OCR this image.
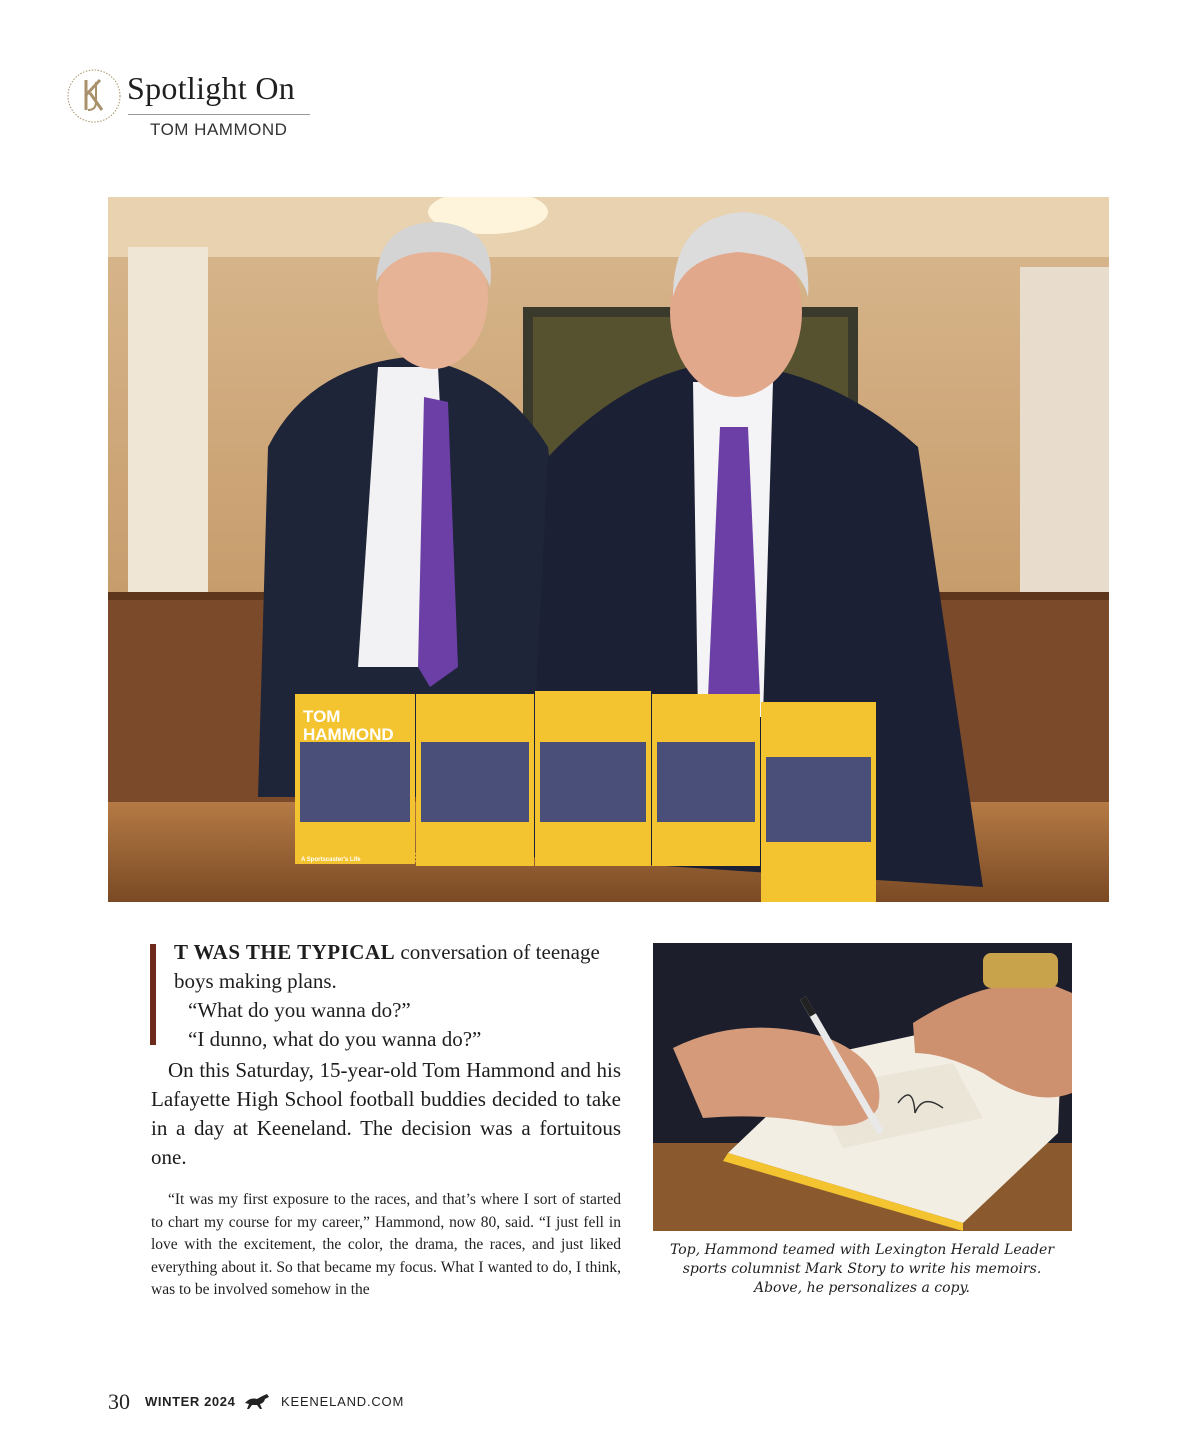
Spotlight On
TOM HAMMOND
TOM
HAMMOND
RACES, GAMES,
AND OLYMPIC
DREAMS
A Sportscaster's Life
T WAS THE TYPICAL conversation of teenage
boys making plans.
“What do you wanna do?”
“I dunno, what do you wanna do?”
On this Saturday, 15-year-old Tom Hammond and his Lafayette High School football buddies decided to take in a day at Keeneland. The decision was a fortuitous one.
“It was my first exposure to the races, and that’s where I sort of started to chart my course for my career,” Hammond, now 80, said. “I just fell in love with the excitement, the color, the drama, the races, and just liked everything about it. So that became my focus. What I wanted to do, I think, was to be involved somehow in the
Top, Hammond teamed with Lexington Herald Leader
sports columnist Mark Story to write his memoirs.
Above, he personalizes a copy.
30 WINTER 2024	KEENELAND.COM
